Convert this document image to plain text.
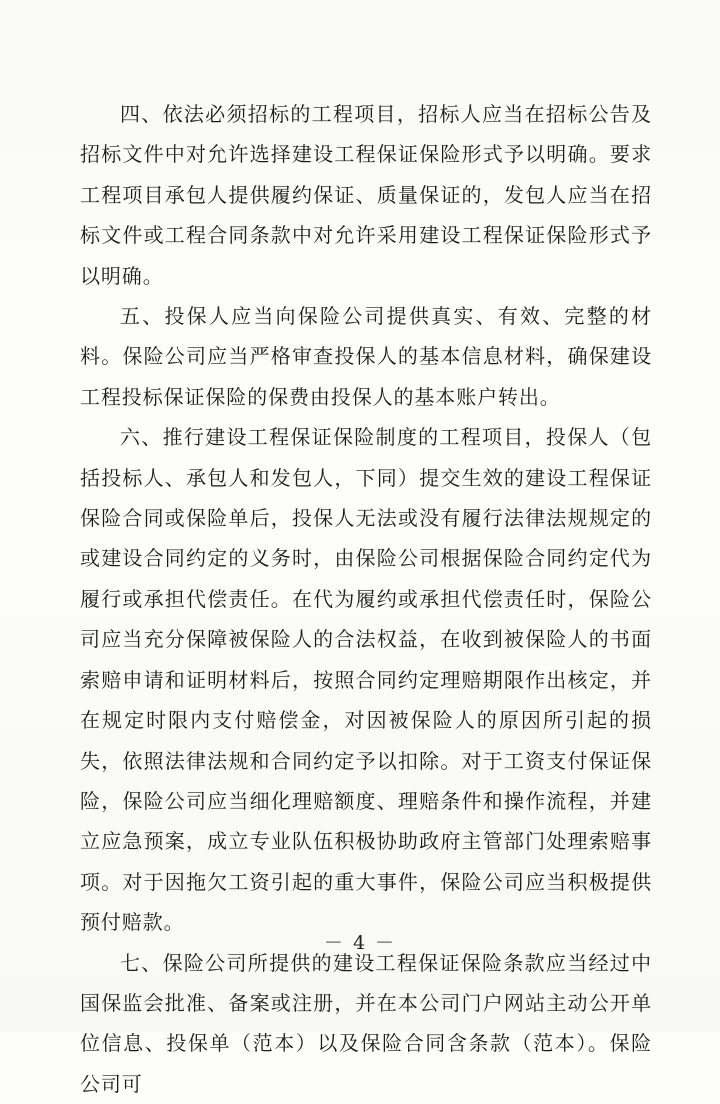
四、依法必须招标的工程项目，招标人应当在招标公告及招标文件中对允许选择建设工程保证保险形式予以明确。要求工程项目承包人提供履约保证、质量保证的，发包人应当在招标文件或工程合同条款中对允许采用建设工程保证保险形式予以明确。

五、投保人应当向保险公司提供真实、有效、完整的材料。保险公司应当严格审查投保人的基本信息材料，确保建设工程投标保证保险的保费由投保人的基本账户转出。

六、推行建设工程保证保险制度的工程项目，投保人（包括投标人、承包人和发包人，下同）提交生效的建设工程保证保险合同或保险单后，投保人无法或没有履行法律法规规定的或建设合同约定的义务时，由保险公司根据保险合同约定代为履行或承担代偿责任。在代为履约或承担代偿责任时，保险公司应当充分保障被保险人的合法权益，在收到被保险人的书面索赔申请和证明材料后，按照合同约定理赔期限作出核定，并在规定时限内支付赔偿金，对因被保险人的原因所引起的损失，依照法律法规和合同约定予以扣除。对于工资支付保证保险，保险公司应当细化理赔额度、理赔条件和操作流程，并建立应急预案，成立专业队伍积极协助政府主管部门处理索赔事项。对于因拖欠工资引起的重大事件，保险公司应当积极提供预付赔款。

七、保险公司所提供的建设工程保证保险条款应当经过中国保监会批准、备案或注册，并在本公司门户网站主动公开单位信息、投保单（范本）以及保险合同含条款（范本）。保险公司可

－ 4 －
